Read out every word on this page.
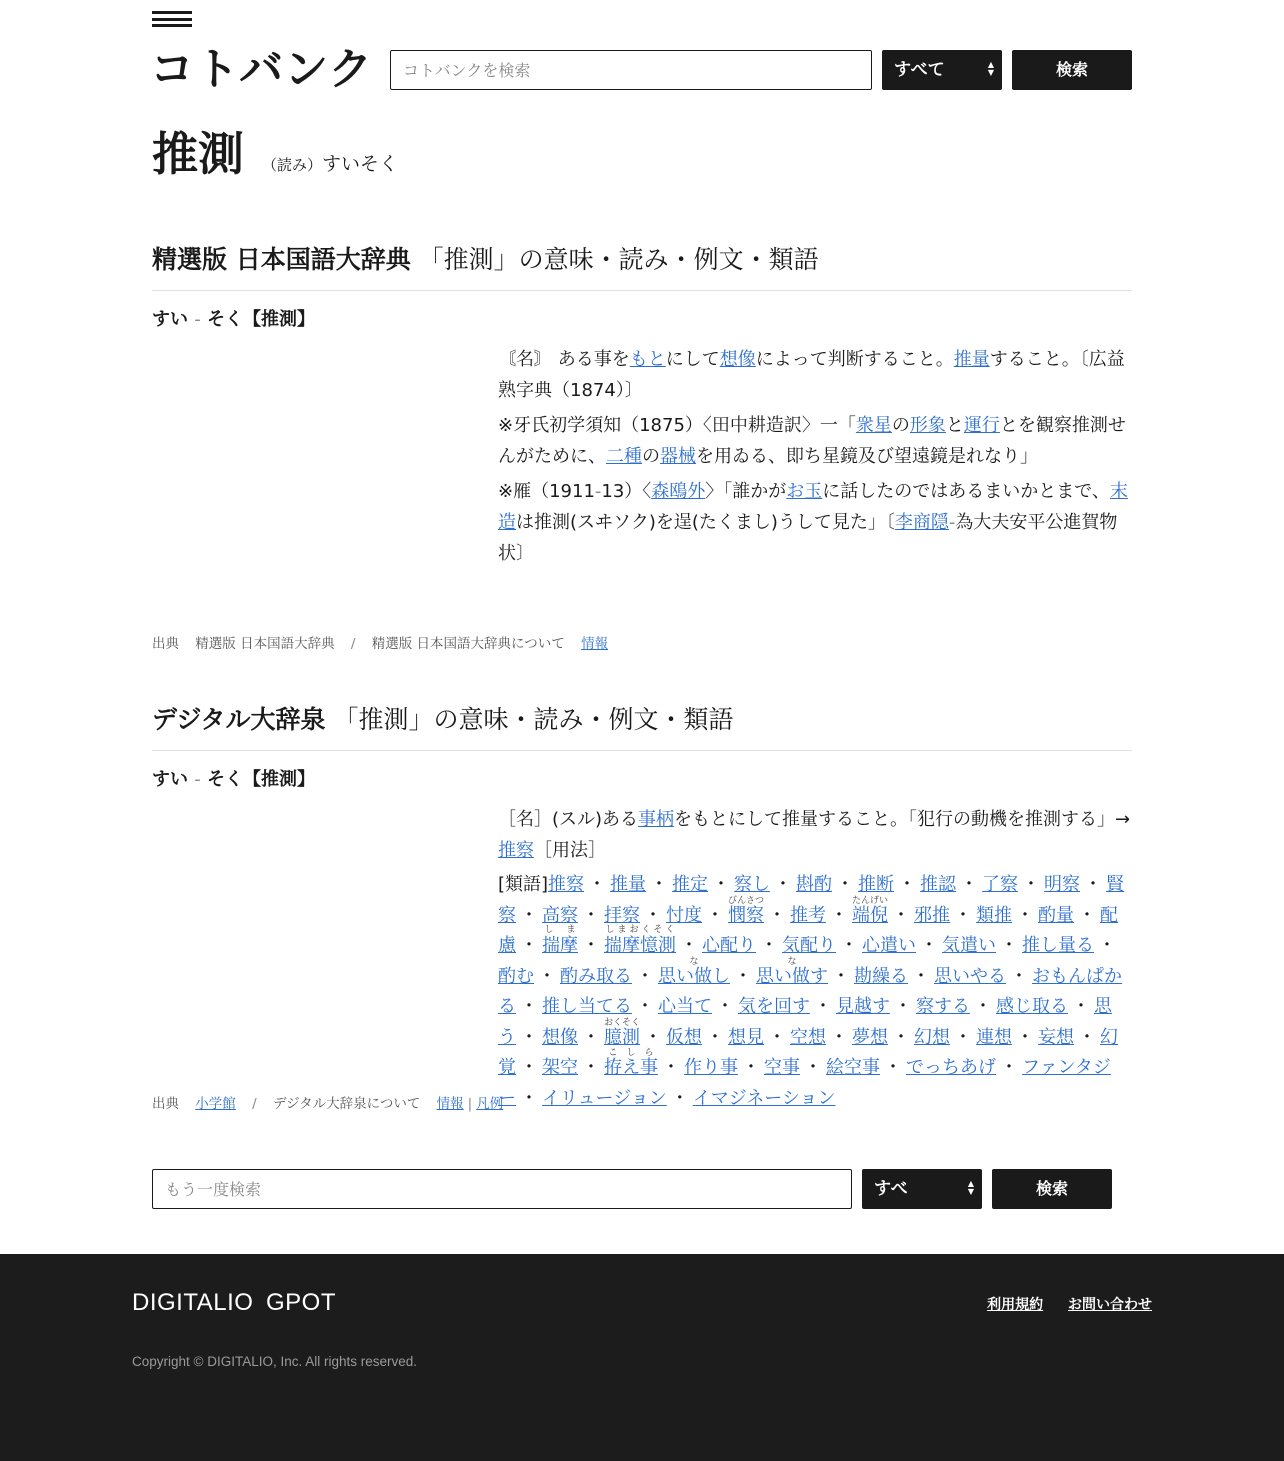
コトバンク
コトバンクを検索	すべて	▲
▼	検索
推測 （読み）すいそく
精選版 日本国語大辞典 「推測」の意味・読み・例文・類語
すい ‐ そく【推測】

〘名〙 ある事をもとにして想像によって判断すること。推量すること。〔広益熟字典（1874）〕

※牙氏初学須知（1875）〈田中耕造訳〉一「衆星の形象と運行とを観察推測せんがために、二種の器械を用ゐる、即ち星鏡及び望遠鏡是れなり」

※雁（1911‐13）〈森鴎外〉「誰かがお玉に話したのではあるまいかとまで、末造は推測(スヰソク)を逞(たくまし)うして見た」〔李商隠‐為大夫安平公進賀物状〕

出典 精選版 日本国語大辞典 / 精選版 日本国語大辞典について 情報
デジタル大辞泉 「推測」の意味・読み・例文・類語
すい ‐ そく【推測】

［名］(スル)ある事柄をもとにして推量すること。「犯行の動機を推測する」→推察［用法］

[類語]推察 ・ 推量 ・ 推定 ・ 察し ・ 斟酌 ・ 推断 ・ 推認 ・ 了察 ・ 明察 ・ 賢察 ・ 高察 ・ 拝察 ・ 忖度 ・ 憫察びんさつ・ 推考 ・ 端倪たんげい・ 邪推 ・ 類推 ・ 酌量 ・ 配慮 ・ 揣摩し ま・ 揣摩憶測しまおくそく・ 心配り ・ 気配り ・ 心遣い ・ 気遣い ・ 推し量る ・酌む ・ 酌み取る ・ 思い做しな・ 思い做すな・ 勘繰る ・ 思いやる ・ おもんぱかる ・ 推し当てる ・ 心当て ・ 気を回す ・ 見越す ・ 察する ・ 感じ取る ・ 思う ・ 想像 ・ 臆測おくそく・ 仮想 ・ 想見 ・ 空想 ・ 夢想 ・ 幻想 ・ 連想 ・ 妄想 ・ 幻覚 ・ 架空 ・ 拵え事こしら・ 作り事 ・ 空事 ・ 絵空事 ・ でっちあげ ・ ファンタジー ・ イリュージョン ・ イマジネーション

出典 小学館 / デジタル大辞泉について 情報 | 凡例
もう一度検索
すべ	▲
▼	検索
DIGITALIO GPOT	利用規約 お問い合わせ
Copyright © DIGITALIO, Inc. All rights reserved.
